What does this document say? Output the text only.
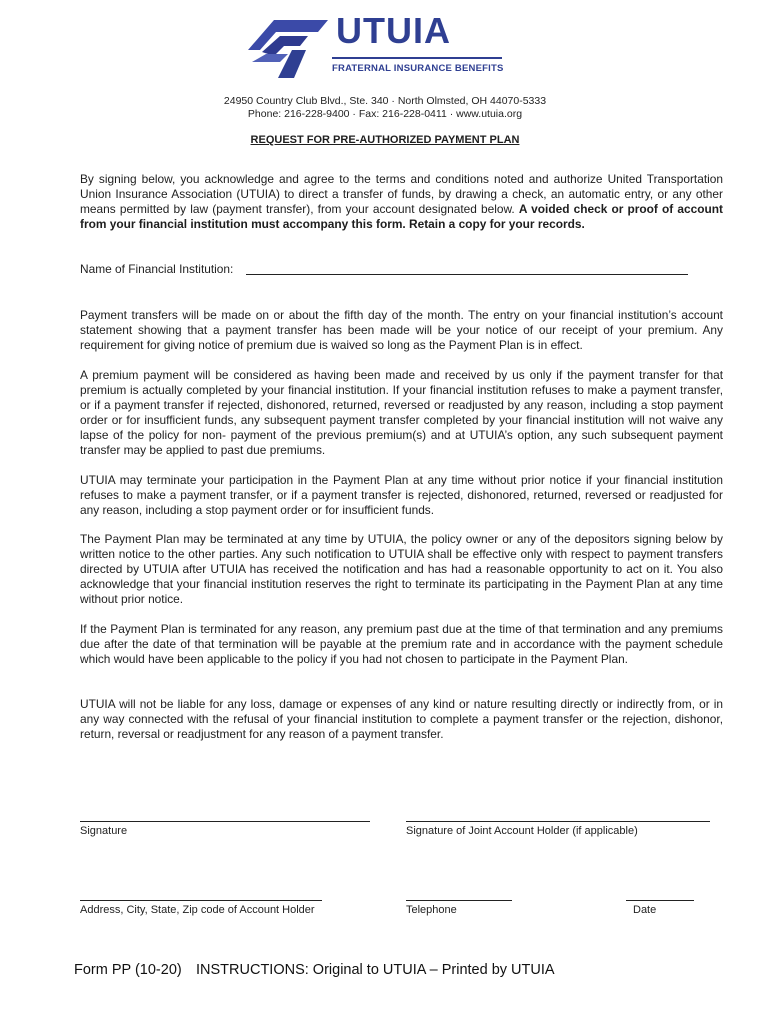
UTUIA
FRATERNAL INSURANCE BENEFITS
24950 Country Club Blvd., Ste. 340 · North Olmsted, OH 44070-5333
Phone: 216-228-9400 · Fax: 216-228-0411 · www.utuia.org
REQUEST FOR PRE-AUTHORIZED PAYMENT PLAN

By signing below, you acknowledge and agree to the terms and conditions noted and authorize United Transportation Union Insurance Association (UTUIA) to direct a transfer of funds, by drawing a check, an automatic entry, or any other means permitted by law (payment transfer), from your account designated below. A voided check or proof of account from your financial institution must accompany this form. Retain a copy for your records.

Name of Financial Institution:

Payment transfers will be made on or about the fifth day of the month. The entry on your financial institution’s account statement showing that a payment transfer has been made will be your notice of our receipt of your premium. Any requirement for giving notice of premium due is waived so long as the Payment Plan is in effect.

A premium payment will be considered as having been made and received by us only if the payment transfer for that premium is actually completed by your financial institution. If your financial institution refuses to make a payment transfer, or if a payment transfer if rejected, dishonored, returned, reversed or readjusted by any reason, including a stop payment order or for insufficient funds, any subsequent payment transfer completed by your financial institution will not waive any lapse of the policy for non- payment of the previous premium(s) and at UTUIA’s option, any such subsequent payment transfer may be applied to past due premiums.

UTUIA may terminate your participation in the Payment Plan at any time without prior notice if your financial institution refuses to make a payment transfer, or if a payment transfer is rejected, dishonored, returned, reversed or readjusted for any reason, including a stop payment order or for insufficient funds.

The Payment Plan may be terminated at any time by UTUIA, the policy owner or any of the depositors signing below by written notice to the other parties. Any such notification to UTUIA shall be effective only with respect to payment transfers directed by UTUIA after UTUIA has received the notification and has had a reasonable opportunity to act on it. You also acknowledge that your financial institution reserves the right to terminate its participating in the Payment Plan at any time without prior notice.

If the Payment Plan is terminated for any reason, any premium past due at the time of that termination and any premiums due after the date of that termination will be payable at the premium rate and in accordance with the payment schedule which would have been applicable to the policy if you had not chosen to participate in the Payment Plan.

UTUIA will not be liable for any loss, damage or expenses of any kind or nature resulting directly or indirectly from, or in any way connected with the refusal of your financial institution to complete a payment transfer or the rejection, dishonor, return, reversal or readjustment for any reason of a payment transfer.

Signature	Signature of Joint Account Holder (if applicable)
Address, City, State, Zip code of Account Holder	Telephone	Date
Form PP (10-20) INSTRUCTIONS: Original to UTUIA – Printed by UTUIA
